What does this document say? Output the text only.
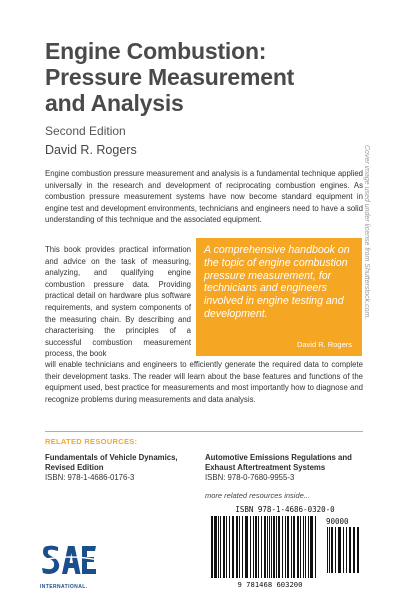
Engine Combustion:
Pressure Measurement
and Analysis
Second Edition
David R. Rogers	Cover image used under license from Shutterstock.com.

Engine combustion pressure measurement and analysis is a fundamental technique applied universally in the research and development of reciprocating combustion engines. As combustion pressure measurement systems have now become standard equipment in engine test and development environments, technicians and engineers need to have a solid understanding of this technique and the associated equipment.

This book provides practical information and advice on the task of measuring, analyzing, and qualifying engine combustion pressure data. Providing practical detail on hardware plus software requirements, and system components of the measuring chain. By describing and characterising the principles of a successful combustion measurement process, the book

A comprehensive handbook on the topic of engine combustion pressure measurement, for technicians and engineers involved in engine testing and development.
David R. Rogers

will enable technicians and engineers to efficiently generate the required data to complete their development tasks. The reader will learn about the base features and functions of the equipment used, best practice for measurements and most importantly how to diagnose and recognize problems during measurements and data analysis.

RELATED RESOURCES:
Fundamentals of Vehicle Dynamics, Revised Edition
ISBN: 978-1-4686-0176-3
Automotive Emissions Regulations and Exhaust Aftertreatment Systems
ISBN: 978-0-7680-9955-3
more related resources inside...
INTERNATIONAL.
ISBN 978-1-4686-0320-0
90000
9 781468 603200
